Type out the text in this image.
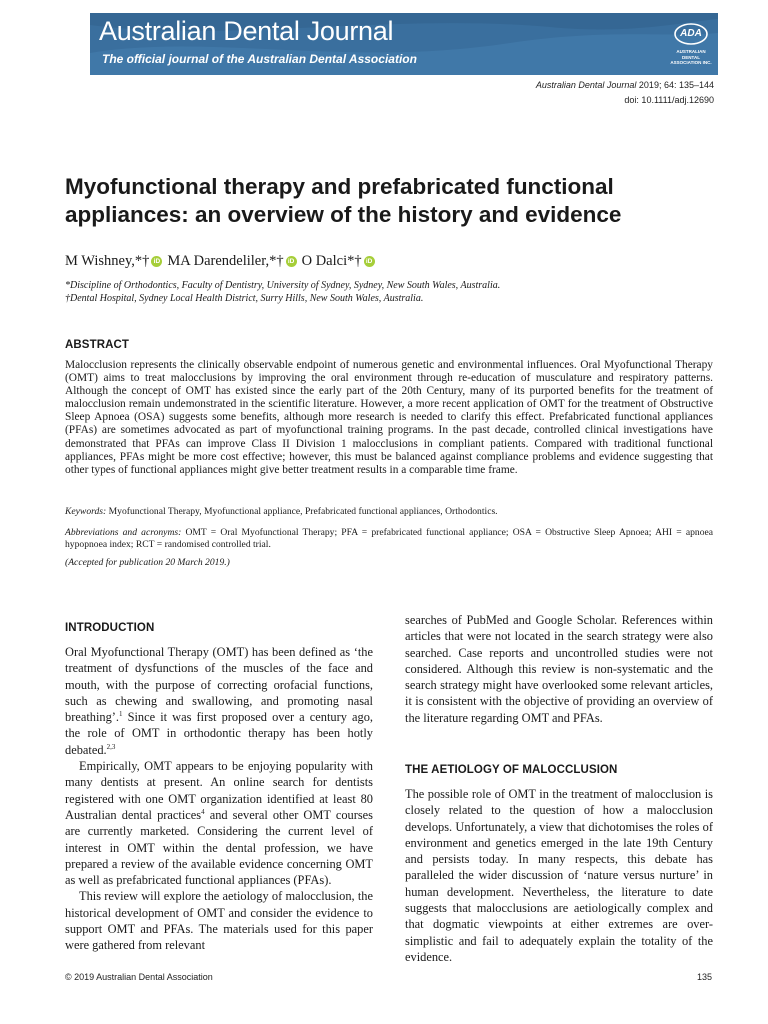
Australian Dental Journal
The official journal of the Australian Dental Association
ADA
AUSTRALIAN DENTAL ASSOCIATION INC.
Australian Dental Journal 2019; 64: 135–144
doi: 10.1111/adj.12690
Myofunctional therapy and prefabricated functional appliances: an overview of the history and evidence
M Wishney,*† iD MA Darendeliler,*† iD O Dalci*† iD
*Discipline of Orthodontics, Faculty of Dentistry, University of Sydney, Sydney, New South Wales, Australia.
†Dental Hospital, Sydney Local Health District, Surry Hills, New South Wales, Australia.
ABSTRACT
Malocclusion represents the clinically observable endpoint of numerous genetic and environmental influences. Oral Myofunctional Therapy (OMT) aims to treat malocclusions by improving the oral environment through re-education of musculature and respiratory patterns. Although the concept of OMT has existed since the early part of the 20th Century, many of its purported benefits for the treatment of malocclusion remain undemonstrated in the scientific literature. However, a more recent application of OMT for the treatment of Obstructive Sleep Apnoea (OSA) suggests some benefits, although more research is needed to clarify this effect. Prefabricated functional appliances (PFAs) are sometimes advocated as part of myofunctional training programs. In the past decade, controlled clinical investigations have demonstrated that PFAs can improve Class II Division 1 malocclusions in compliant patients. Compared with traditional functional appliances, PFAs might be more cost effective; however, this must be balanced against compliance problems and evidence suggesting that other types of functional appliances might give better treatment results in a comparable time frame.
Keywords: Myofunctional Therapy, Myofunctional appliance, Prefabricated functional appliances, Orthodontics.
Abbreviations and acronyms: OMT = Oral Myofunctional Therapy; PFA = prefabricated functional appliance; OSA = Obstructive Sleep Apnoea; AHI = apnoea hypopnoea index; RCT = randomised controlled trial.
(Accepted for publication 20 March 2019.)
INTRODUCTION

Oral Myofunctional Therapy (OMT) has been defined as ‘the treatment of dysfunctions of the muscles of the face and mouth, with the purpose of correcting orofacial functions, such as chewing and swallowing, and promoting nasal breathing’.$^1$ Since it was first proposed over a century ago, the role of OMT in orthodontic therapy has been hotly debated.$^{2,3}$

Empirically, OMT appears to be enjoying popularity with many dentists at present. An online search for dentists registered with one OMT organization identified at least 80 Australian dental practices$^4$ and several other OMT courses are currently marketed. Considering the current level of interest in OMT within the dental profession, we have prepared a review of the available evidence concerning OMT as well as prefabricated functional appliances (PFAs).

This review will explore the aetiology of malocclusion, the historical development of OMT and consider the evidence to support OMT and PFAs. The materials used for this paper were gathered from relevant

searches of PubMed and Google Scholar. References within articles that were not located in the search strategy were also searched. Case reports and uncontrolled studies were not considered. Although this review is non-systematic and the search strategy might have overlooked some relevant articles, it is consistent with the objective of providing an overview of the literature regarding OMT and PFAs.

THE AETIOLOGY OF MALOCCLUSION

The possible role of OMT in the treatment of malocclusion is closely related to the question of how a malocclusion develops. Unfortunately, a view that dichotomises the roles of environment and genetics emerged in the late 19th Century and persists today. In many respects, this debate has paralleled the wider discussion of ‘nature versus nurture’ in human development. Nevertheless, the literature to date suggests that malocclusions are aetiologically complex and that dogmatic viewpoints at either extremes are over-simplistic and fail to adequately explain the totality of the evidence.

© 2019 Australian Dental Association	135
